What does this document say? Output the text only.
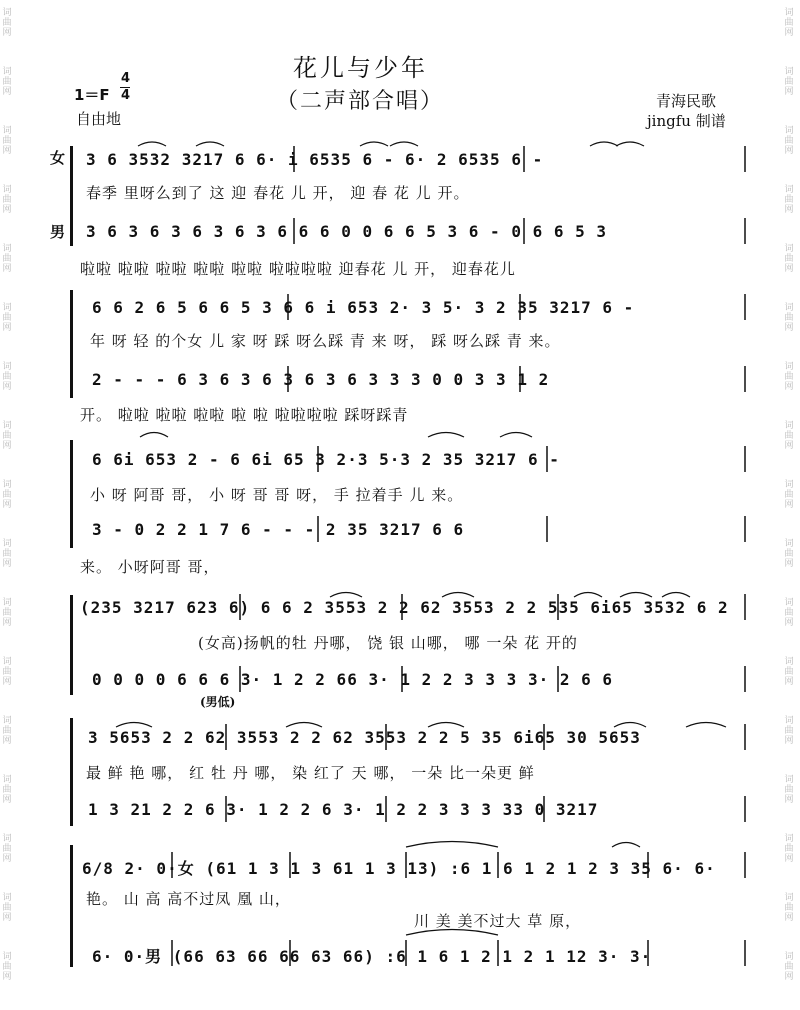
词
曲
网
词
曲
网
词
曲
网
词
曲
网
词
曲
网
词
曲
网
词
曲
网
词
曲
网
词
曲
网
词
曲
网
词
曲
网
词
曲
网
词
曲
网
词
曲
网
词
曲
网
词
曲
网
词
曲
网
词
曲
网
词
曲
网
词
曲
网
词
曲
网
词
曲
网
词
曲
网
词
曲
网
词
曲
网
词
曲
网
词
曲
网
词
曲
网
词
曲
网
词
曲
网
词
曲
网
词
曲
网
词
曲
网
词
曲
网
花儿与少年
（二声部合唱）
1＝F
4
4
自由地
青海民歌
jingfu 制谱
女
男
3 6 3532 3217 6 6· i 6535 6 - 6· 2 6535 6 -
春季 里呀么到了 这 迎 春花 儿 开， 迎 春 花 儿 开。
3 6 3 6 3 6 3 6 3 6 6 6 0 0 6 6 5 3 6 - 0 6 6 5 3
啦啦 啦啦 啦啦 啦啦 啦啦 啦啦啦啦 迎春花 儿 开， 迎春花儿
6 6 2 6 5 6 6 5 3 6 6 i 653 2· 3 5· 3 2 35 3217 6 -
年 呀 轻 的个女 儿 家 呀 踩 呀么踩 青 来 呀， 踩 呀么踩 青 来。
2 - - - 6 3 6 3 6 3 6 3 6 3 3 3 0 0 3 3 1 2
开。 啦啦 啦啦 啦啦 啦 啦 啦啦啦啦 踩呀踩青
6 6i 653 2 - 6 6i 65 3 2·3 5·3 2 35 3217 6 -
小 呀 阿哥 哥， 小 呀 哥 哥 呀， 手 拉着手 儿 来。
3 - 0 2 2 1 7 6 - - - 2 35 3217 6 6
来。 小呀阿哥 哥，
(235 3217 623 6) 6 6 2 3553 2 2 62 3553 2 2 535 6i65 3532 6 2
(女高)扬帆的牡 丹哪， 饶 银 山哪， 哪 一朵 花 开的
0 0 0 0 6 6 6 3· 1 2 2 66 3· 1 2 2 3 3 3 3· 2 6 6
(男低)
3 5653 2 2 62 3553 2 2 62 3553 2 2 5 35 6i65 30 5653
最 鲜 艳 哪， 红 牡 丹 哪， 染 红了 天 哪， 一朵 比一朵更 鲜
1 3 21 2 2 6 3· 1 2 2 6 3· 1 2 2 3 3 3 33 0 3217
6/8 2· 0·女 (61 1 3 1 3 61 1 3 13) :6 1 6 1 2 1 2 3 35 6· 6·
艳。 山 高 高不过凤 凰 山，
川 美 美不过大 草 原，
6· 0·男 (66 63 66 66 63 66) :6 1 6 1 2 1 2 1 12 3· 3·
